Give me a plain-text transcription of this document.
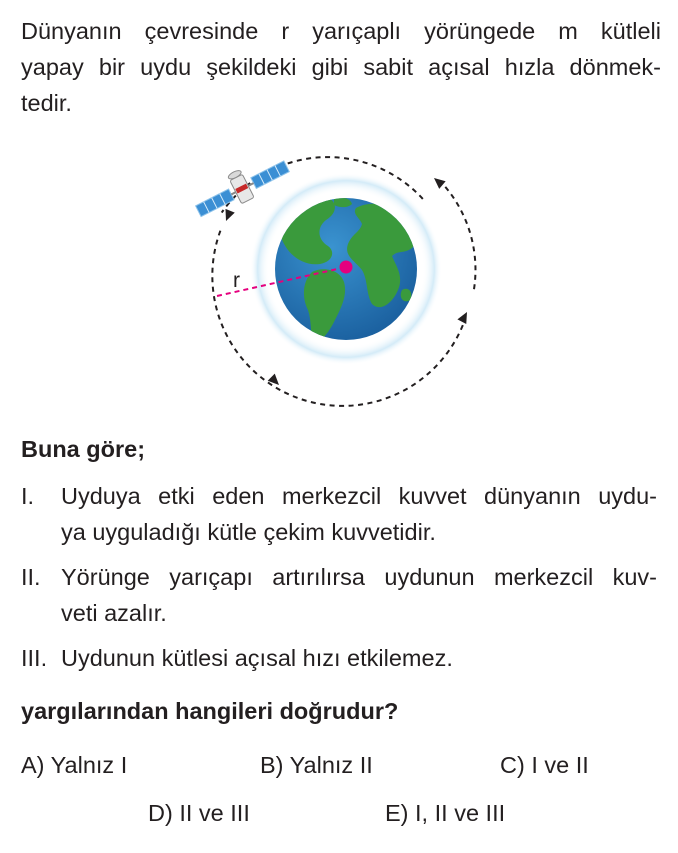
Dünyanın çevresinde r yarıçaplı yörüngede m kütleli
yapay bir uydu şekildeki gibi sabit açısal hızla dönmek-
tedir.
r
Buna göre;
I. Uyduya etki eden merkezcil kuvvet dünyanın uydu-
ya uyguladığı kütle çekim kuvvetidir.
II. Yörünge yarıçapı artırılırsa uydunun merkezcil kuv-
veti azalır.
III. Uydunun kütlesi açısal hızı etkilemez.
yargılarından hangileri doğrudur?
A) Yalnız I	B) Yalnız II	C) I ve II
D) II ve III	E) I, II ve III
